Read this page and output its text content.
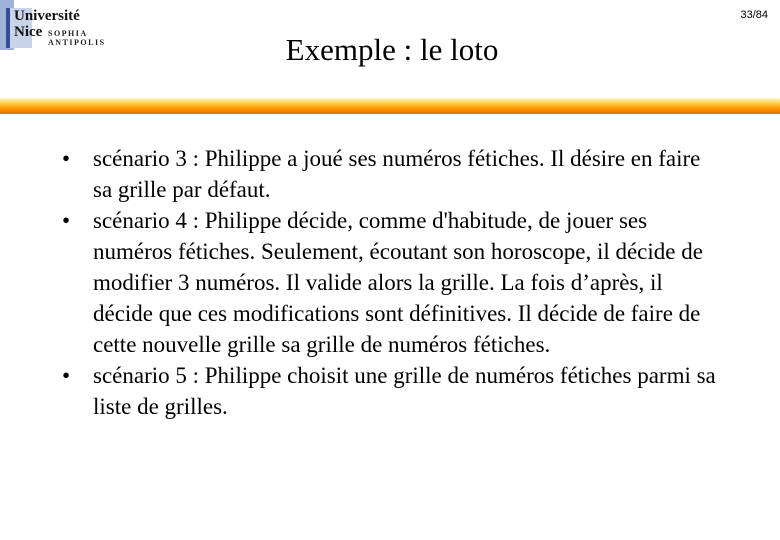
Université
Nice SOPHIA ANTIPOLIS
33/84
Exemple : le loto
• scénario 3 : Philippe a joué ses numéros fétiches. Il désire en faire sa grille par défaut.
• scénario 4 : Philippe décide, comme d'habitude, de jouer ses numéros fétiches. Seulement, écoutant son horoscope, il décide de modifier 3 numéros. Il valide alors la grille. La fois d’après, il décide que ces modifications sont définitives. Il décide de faire de cette nouvelle grille sa grille de numéros fétiches.
• scénario 5 : Philippe choisit une grille de numéros fétiches parmi sa liste de grilles.
